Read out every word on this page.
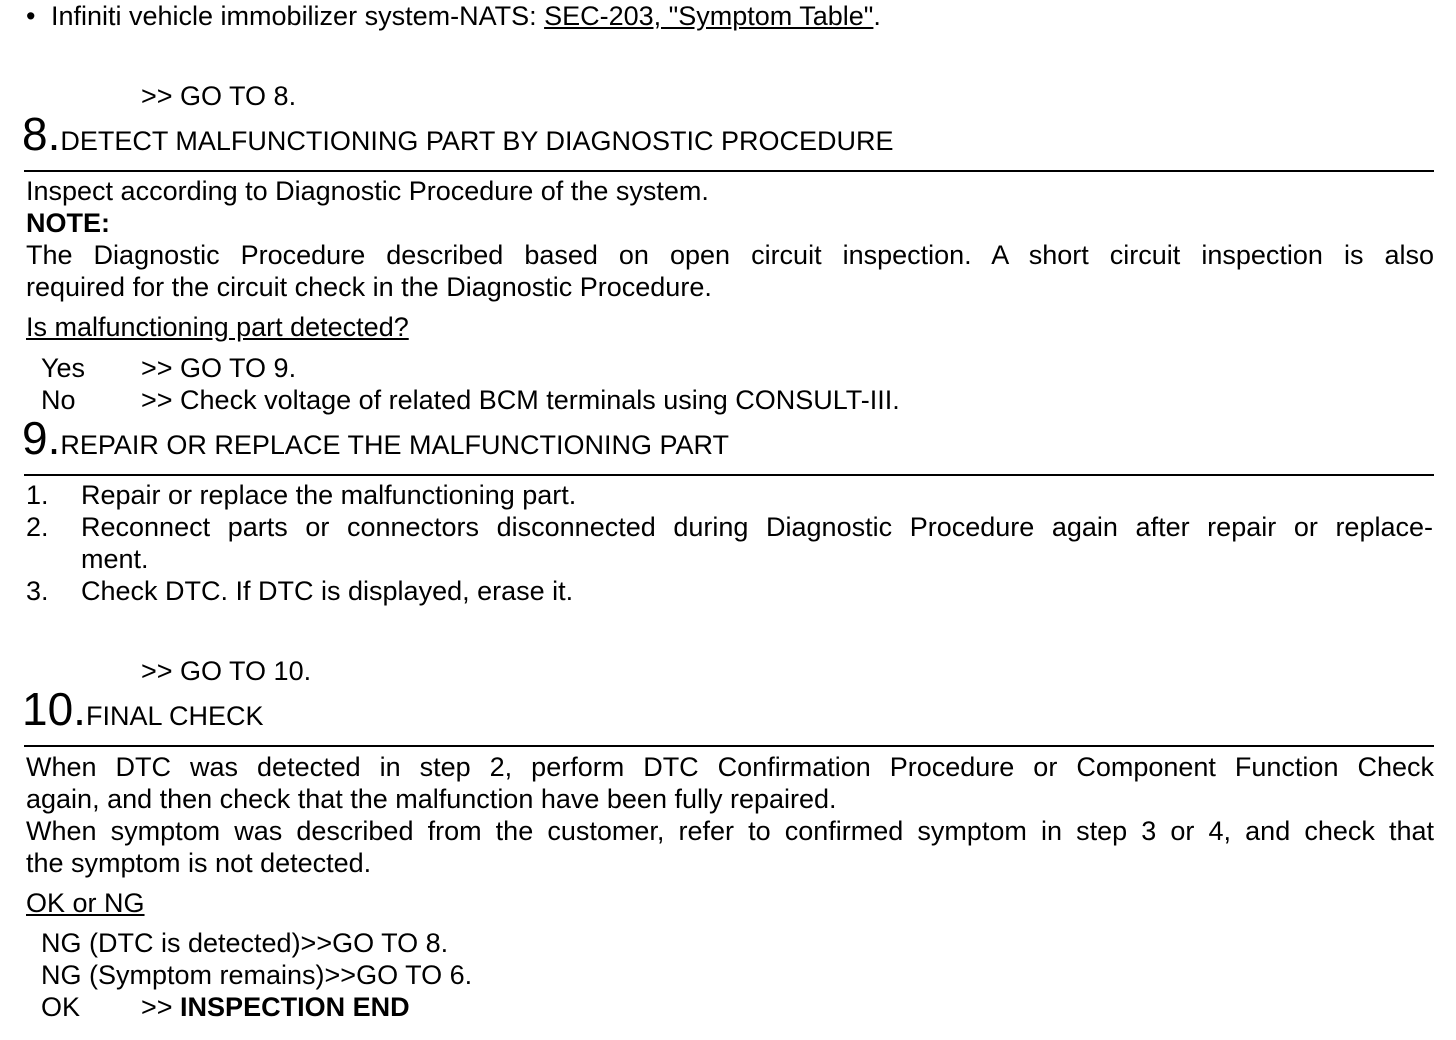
• Infiniti vehicle immobilizer system-NATS: SEC-203, "Symptom Table".
>> GO TO 8.
8.DETECT MALFUNCTIONING PART BY DIAGNOSTIC PROCEDURE
Inspect according to Diagnostic Procedure of the system.
NOTE:
The Diagnostic Procedure described based on open circuit inspection. A short circuit inspection is also
required for the circuit check in the Diagnostic Procedure.
Is malfunctioning part detected?
Yes >> GO TO 9.
No >> Check voltage of related BCM terminals using CONSULT-III.
9.REPAIR OR REPLACE THE MALFUNCTIONING PART
1. Repair or replace the malfunctioning part.
2. Reconnect parts or connectors disconnected during Diagnostic Procedure again after repair or replace-
ment.
3. Check DTC. If DTC is displayed, erase it.
>> GO TO 10.
10.FINAL CHECK
When DTC was detected in step 2, perform DTC Confirmation Procedure or Component Function Check
again, and then check that the malfunction have been fully repaired.
When symptom was described from the customer, refer to confirmed symptom in step 3 or 4, and check that
the symptom is not detected.
OK or NG
NG (DTC is detected)>>GO TO 8.
NG (Symptom remains)>>GO TO 6.
OK >> INSPECTION END
